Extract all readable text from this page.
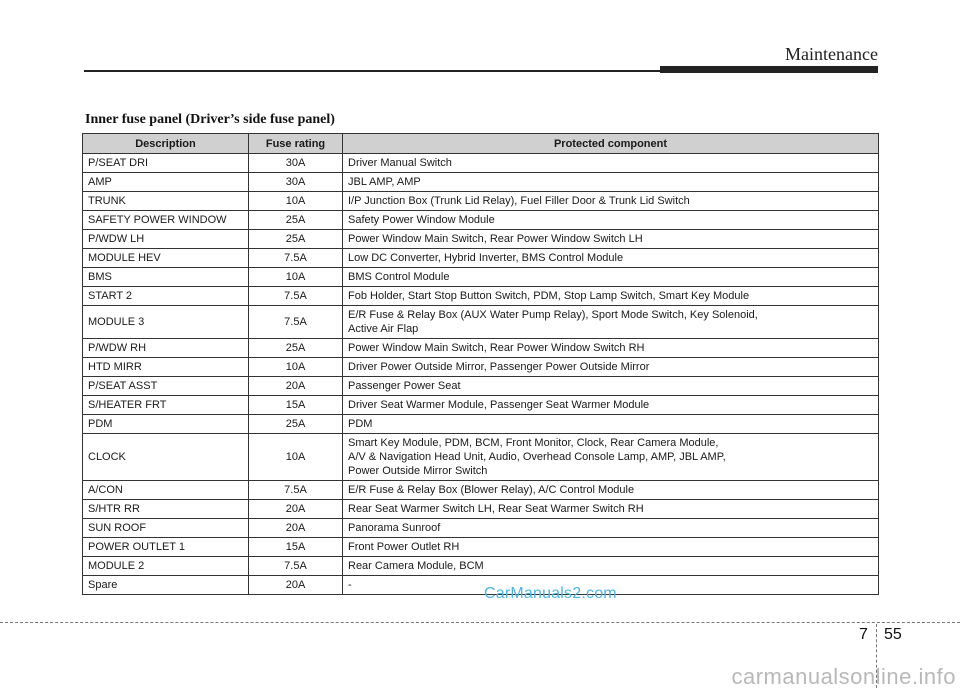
Maintenance
Inner fuse panel (Driver’s side fuse panel)
Description	Fuse rating	Protected component
P/SEAT DRI	30A	Driver Manual Switch

AMP	30A	JBL AMP, AMP

TRUNK	10A	I/P Junction Box (Trunk Lid Relay), Fuel Filler Door & Trunk Lid Switch

SAFETY POWER WINDOW	25A	Safety Power Window Module

P/WDW LH	25A	Power Window Main Switch, Rear Power Window Switch LH

MODULE HEV	7.5A	Low DC Converter, Hybrid Inverter, BMS Control Module

BMS	10A	BMS Control Module

START 2	7.5A	Fob Holder, Start Stop Button Switch, PDM, Stop Lamp Switch, Smart Key Module

MODULE 3	7.5A	E/R Fuse & Relay Box (AUX Water Pump Relay), Sport Mode Switch, Key Solenoid,
Active Air Flap

P/WDW RH	25A	Power Window Main Switch, Rear Power Window Switch RH

HTD MIRR	10A	Driver Power Outside Mirror, Passenger Power Outside Mirror

P/SEAT ASST	20A	Passenger Power Seat

S/HEATER FRT	15A	Driver Seat Warmer Module, Passenger Seat Warmer Module

PDM	25A	PDM

CLOCK	10A	Smart Key Module, PDM, BCM, Front Monitor, Clock, Rear Camera Module,
A/V & Navigation Head Unit, Audio, Overhead Console Lamp, AMP, JBL AMP,
Power Outside Mirror Switch

A/CON	7.5A	E/R Fuse & Relay Box (Blower Relay), A/C Control Module

S/HTR RR	20A	Rear Seat Warmer Switch LH, Rear Seat Warmer Switch RH

SUN ROOF	20A	Panorama Sunroof

POWER OUTLET 1	15A	Front Power Outlet RH

MODULE 2	7.5A	Rear Camera Module, BCM

Spare	20A	-	CarManuals2.com
7 55
carmanualsonline.info
